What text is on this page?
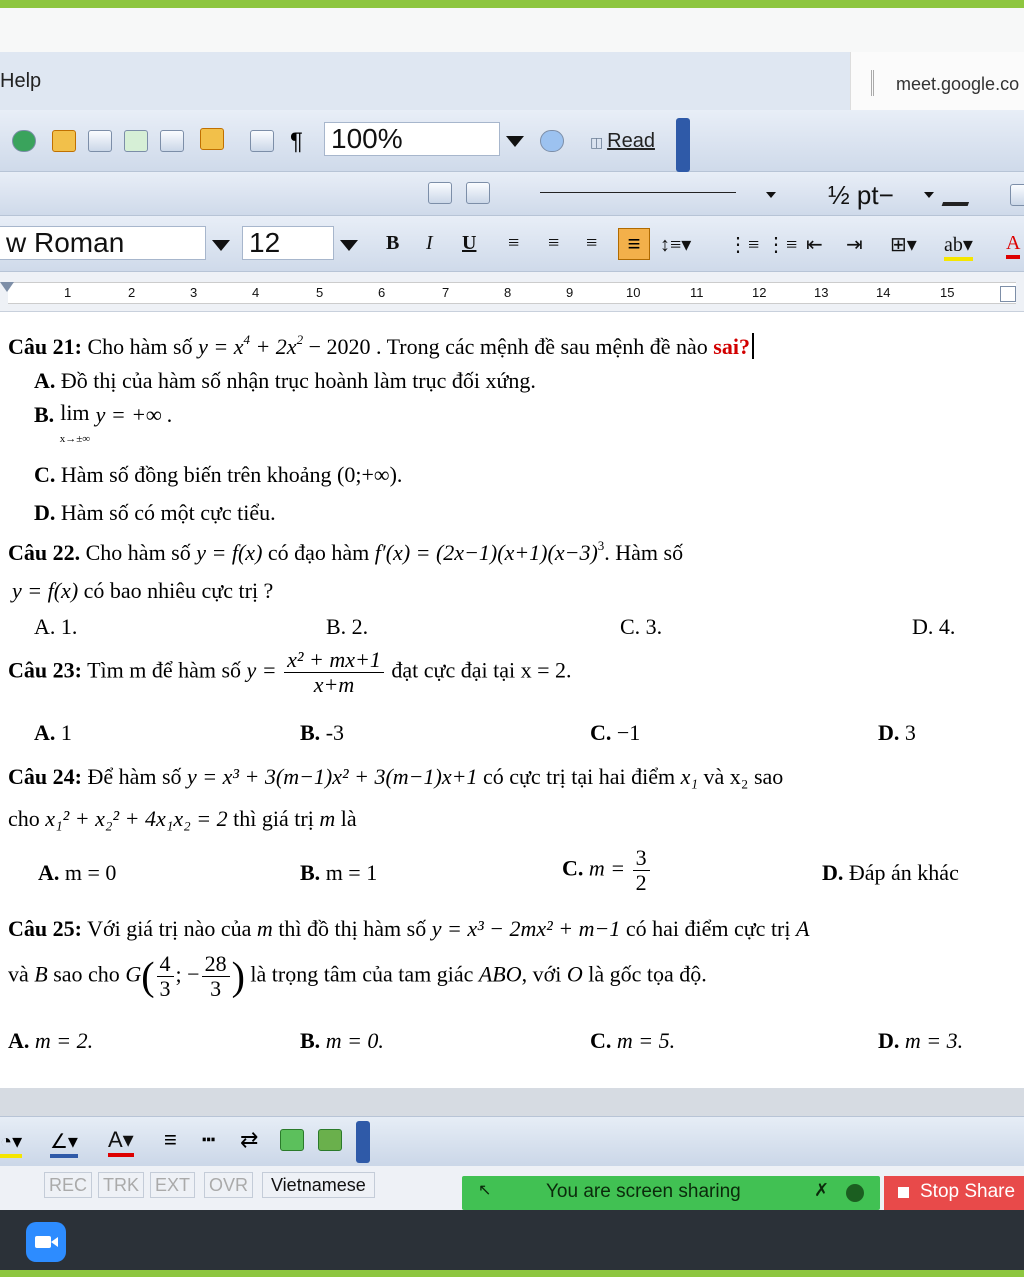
Help	meet.google.co
¶ 100%	◫ Read
½ pt−
w Roman	12	B I U ≡ ≡ ≡	≡ ↕≡▾ ⋮≡ ⋮≡ ⇤ ⇥ ⊞▾ ab▾ A
1	2	3	4	5	6	7	8	9	10	11	12	13	14	15
Câu 21: Cho hàm số $y = x^4 + 2x^2 - 2020$ . Trong các mệnh đề sau mệnh đề nào sai?
A. Đồ thị của hàm số nhận trục hoành làm trục đối xứng.
B. lim
x→±∞ y = +∞ .
C. Hàm số đồng biến trên khoảng (0;+∞).
D. Hàm số có một cực tiểu.
Câu 22. Cho hàm số y = f(x) có đạo hàm $f'(x) = (2x-1)(x+1)(x-3)^3$. Hàm số
y = f(x) có bao nhiêu cực trị ?
A. 1.	B. 2.	C. 3.	D. 4.
Câu 23: Tìm m để hàm số $y = \frac{\text{x² + mx+1}}{x+m}$ đạt cực đại tại x = 2.
A. 1	B. -3	C. −1	D. 3
Câu 24: Để hàm số y = x³ + 3(m−1)x² + 3(m−1)x+1 có cực trị tại hai điểm x₁ và x₂ sao
cho x₁² + x₂² + 4x₁x₂ = 2 thì giá trị m là
A. m = 0	B. m = 1	C. $m = \frac{3}{2}$	D. Đáp án khác
Câu 25: Với giá trị nào của m thì đồ thị hàm số y = x³ − 2mx² + m−1 có hai điểm cực trị A
và B sao cho $G( \frac{4}{3}$ ; − $\frac{28}{3}$ ) là trọng tâm của tam giác ABO, với O là gốc tọa độ.
A. m = 2.	B. m = 0.	C. m = 5.	D. m = 3.
◔▾ ∠▾ A▾ ≡ ┅ ⇄
REC TRK EXT OVR	Vietnamese	↖	You are screen sharing	✗	Stop Share
